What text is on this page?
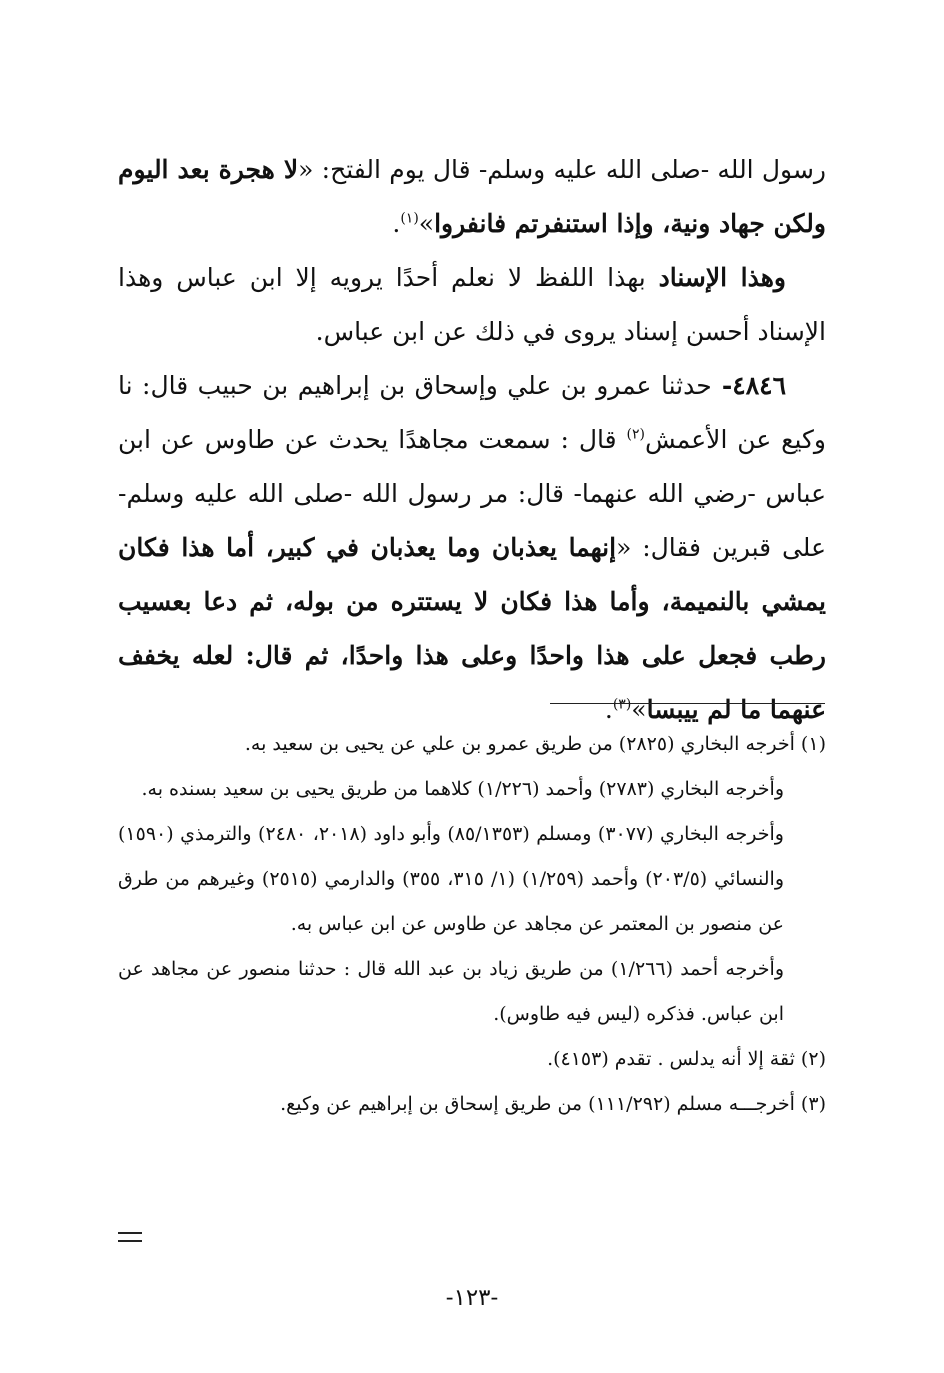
رسول الله -صلى الله عليه وسلم- قال يوم الفتح: «لا هجرة بعد اليوم ولكن جهاد ونية، وإذا استنفرتم فانفروا»$^{(١)}$.

وهذا الإسناد بهذا اللفظ لا نعلم أحدًا يرويه إلا ابن عباس وهذا الإسناد أحسن إسناد يروى في ذلك عن ابن عباس.

٤٨٤٦- حدثنا عمرو بن علي وإسحاق بن إبراهيم بن حبيب قال: نا وكيع عن الأعمش$^{(٢)}$ قال : سمعت مجاهدًا يحدث عن طاوس عن ابن عباس -رضي الله عنهما- قال: مر رسول الله -صلى الله عليه وسلم- على قبرين فقال: «إنهما يعذبان وما يعذبان في كبير، أما هذا فكان يمشي بالنميمة، وأما هذا فكان لا يستتره من بوله، ثم دعا بعسيب رطب فجعل على هذا واحدًا وعلى هذا واحدًا، ثم قال: لعله يخفف عنهما ما لم ييبسا»$^{(٣)}$.

(١) أخرجه البخاري (٢٨٢٥) من طريق عمرو بن علي عن يحيى بن سعيد به.

وأخرجه البخاري (٢٧٨٣) وأحمد (١/٢٢٦) كلاهما من طريق يحيى بن سعيد بسنده به.

وأخرجه البخاري (٣٠٧٧) ومسلم (٨٥/١٣٥٣) وأبو داود (٢٠١٨، ٢٤٨٠) والترمذي (١٥٩٠) والنسائي (٢٠٣/٥) وأحمد (١/٢٥٩) (١/ ٣١٥، ٣٥٥) والدارمي (٢٥١٥) وغيرهم من طرق عن منصور بن المعتمر عن مجاهد عن طاوس عن ابن عباس به.

وأخرجه أحمد (١/٢٦٦) من طريق زياد بن عبد الله قال : حدثنا منصور عن مجاهد عن ابن عباس. فذكره (ليس فيه طاوس).

(٢) ثقة إلا أنه يدلس . تقدم (٤١٥٣).

(٣) أخرجـــه مسلم (١١١/٢٩٢) من طريق إسحاق بن إبراهيم عن وكيع.

-١٢٣-
